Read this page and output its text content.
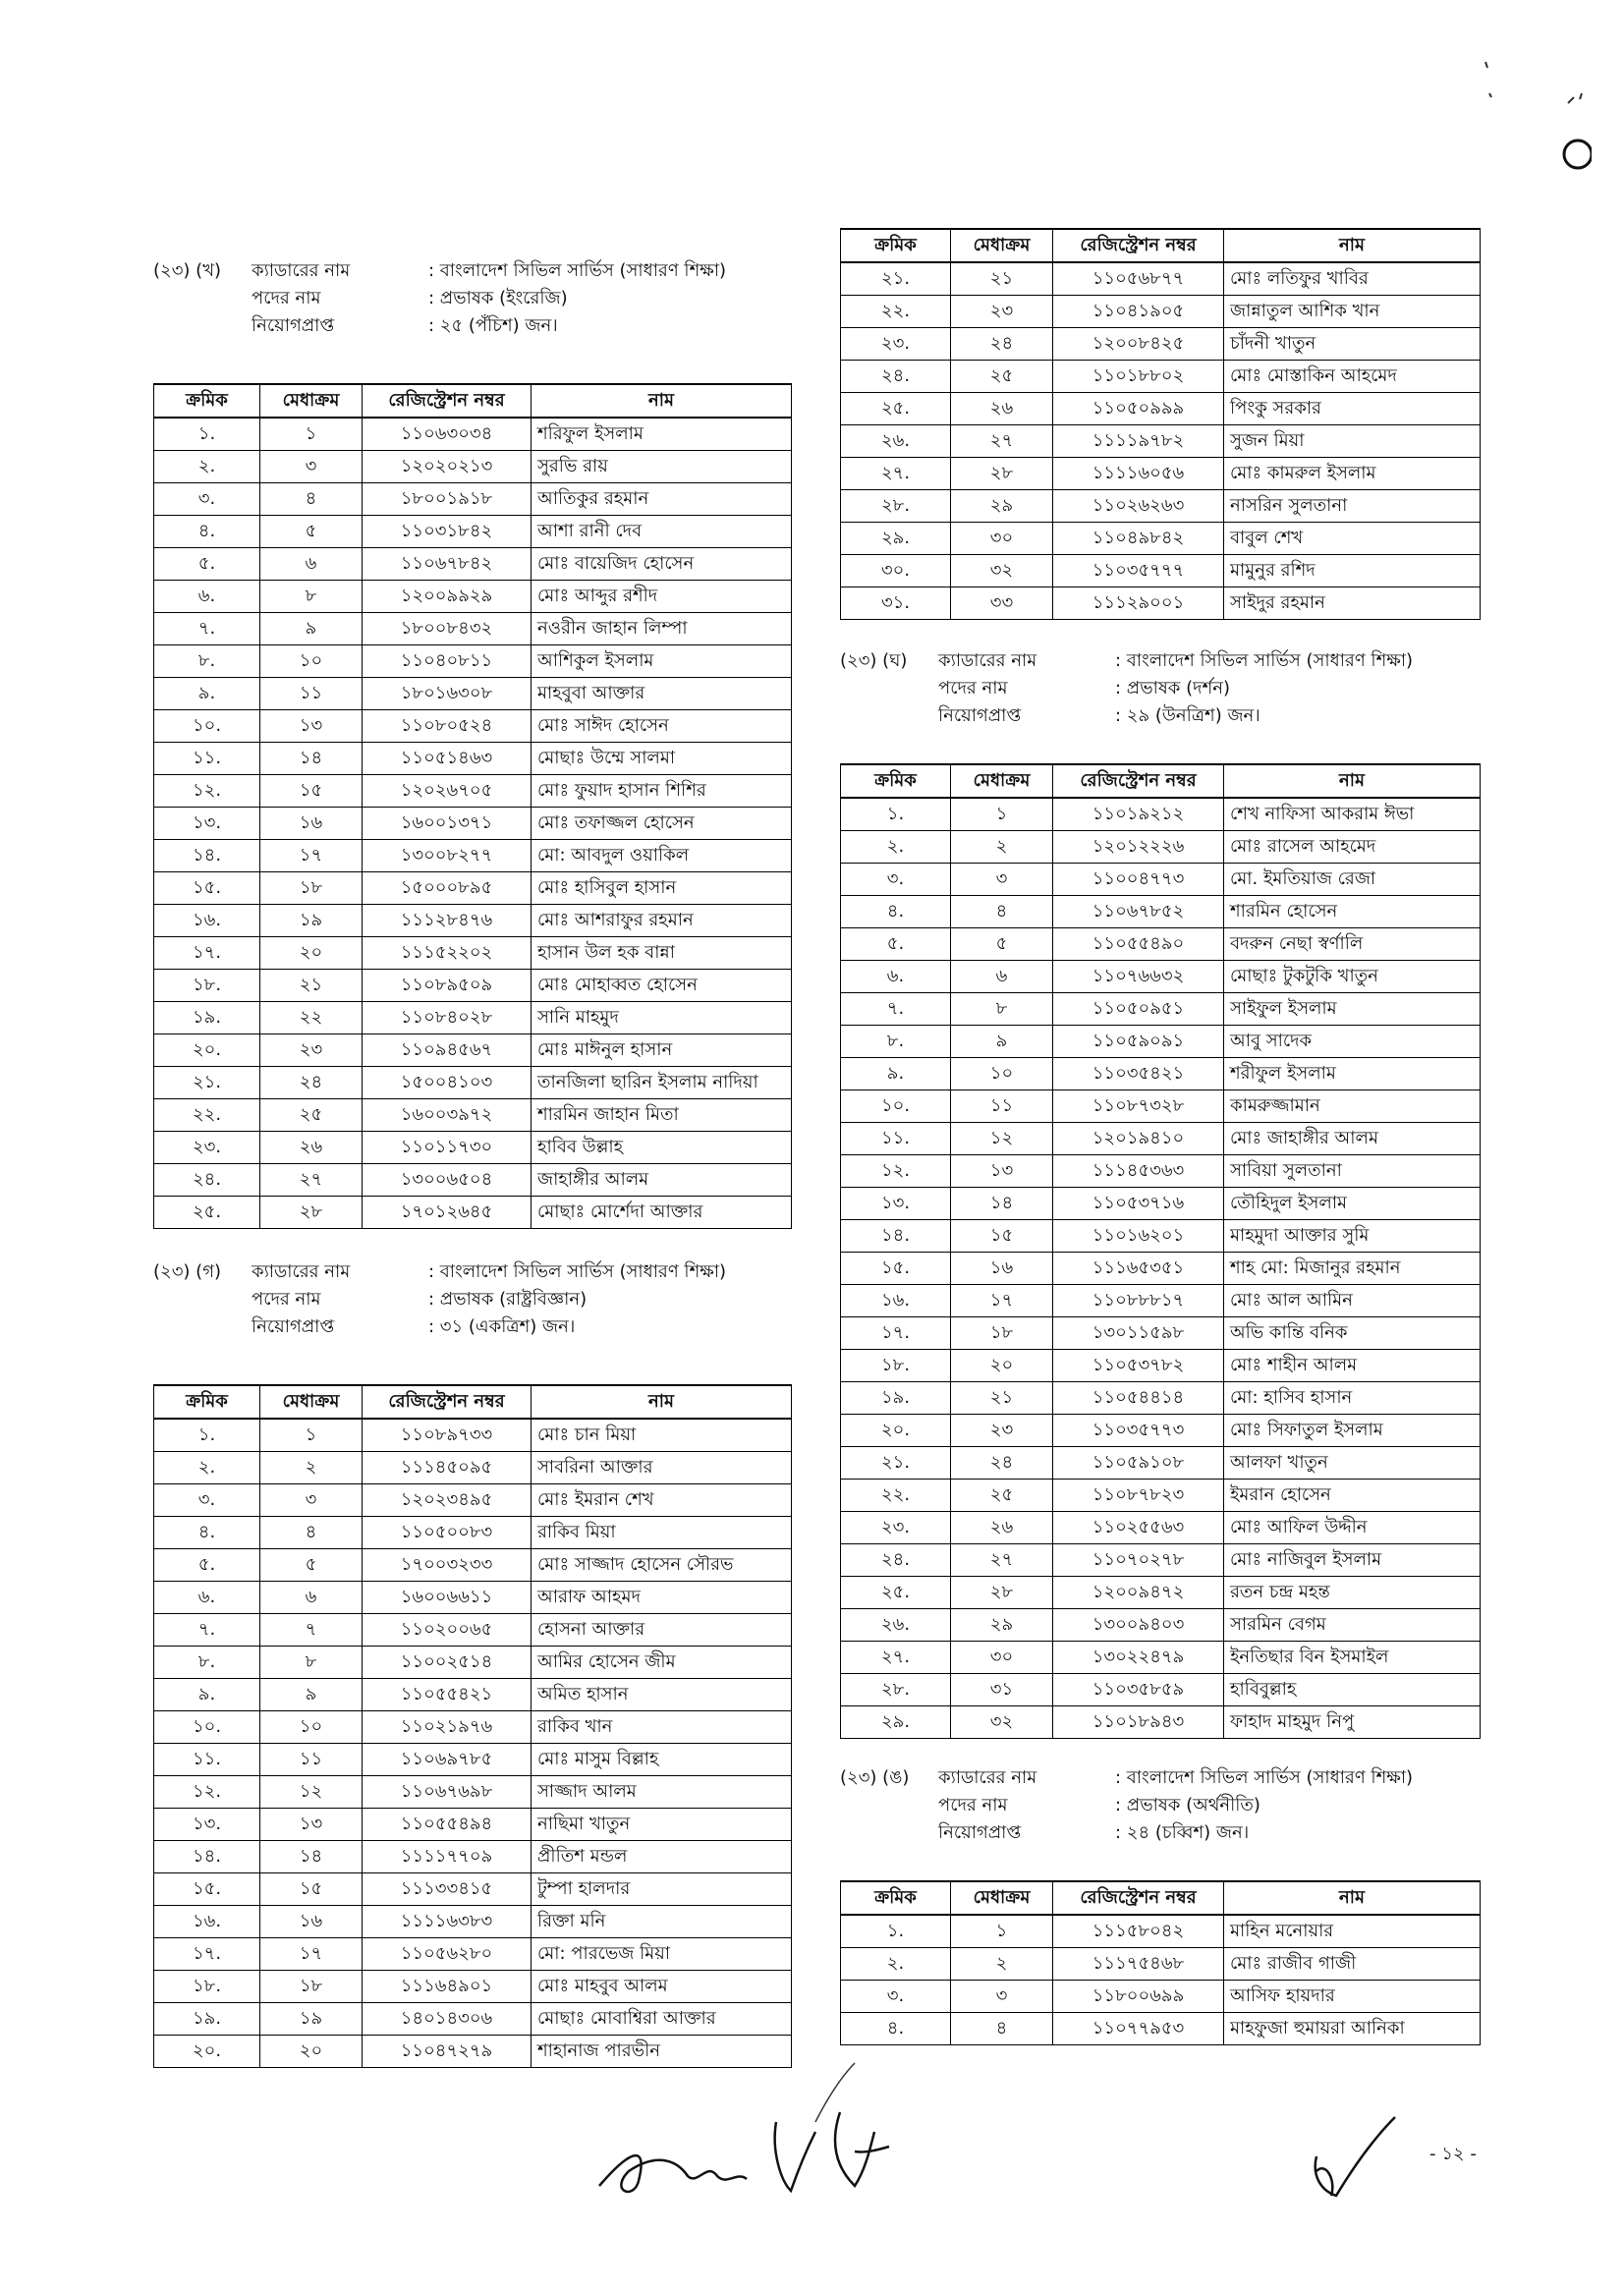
- ১২ -
(২৩) (খ) ক্যাডারের নাম	: বাংলাদেশ সিভিল সার্ভিস (সাধারণ শিক্ষা)
পদের নাম	: প্রভাষক (ইংরেজি)
নিয়োগপ্রাপ্ত	: ২৫ (পঁচিশ) জন।
ক্রমিক	মেধাক্রম	রেজিস্ট্রেশন নম্বর	নাম
১.	১	১১০৬৩০৩৪	শরিফুল ইসলাম
২.	৩	১২০২০২১৩	সুরভি রায়
৩.	৪	১৮০০১৯১৮	আতিকুর রহমান
৪.	৫	১১০৩১৮৪২	আশা রানী দেব
৫.	৬	১১০৬৭৮৪২	মোঃ বায়েজিদ হোসেন
৬.	৮	১২০০৯৯২৯	মোঃ আব্দুর রশীদ
৭.	৯	১৮০০৮৪৩২	নওরীন জাহান লিম্পা
৮.	১০	১১০৪০৮১১	আশিকুল ইসলাম
৯.	১১	১৮০১৬৩০৮	মাহবুবা আক্তার
১০.	১৩	১১০৮০৫২৪	মোঃ সাঈদ হোসেন
১১.	১৪	১১০৫১৪৬৩	মোছাঃ উম্মে সালমা
১২.	১৫	১২০২৬৭০৫	মোঃ ফুয়াদ হাসান শিশির
১৩.	১৬	১৬০০১৩৭১	মোঃ তফাজ্জল হোসেন
১৪.	১৭	১৩০০৮২৭৭	মো: আবদুল ওয়াকিল
১৫.	১৮	১৫০০০৮৯৫	মোঃ হাসিবুল হাসান
১৬.	১৯	১১১২৮৪৭৬	মোঃ আশরাফুর রহমান
১৭.	২০	১১১৫২২০২	হাসান উল হক বান্না
১৮.	২১	১১০৮৯৫০৯	মোঃ মোহাব্বত হোসেন
১৯.	২২	১১০৮৪০২৮	সানি মাহমুদ
২০.	২৩	১১০৯৪৫৬৭	মোঃ মাঈনুল হাসান
২১.	২৪	১৫০০৪১০৩	তানজিলা ছারিন ইসলাম নাদিয়া
২২.	২৫	১৬০০৩৯৭২	শারমিন জাহান মিতা
২৩.	২৬	১১০১১৭৩০	হাবিব উল্লাহ
২৪.	২৭	১৩০০৬৫০৪	জাহাঙ্গীর আলম
২৫.	২৮	১৭০১২৬৪৫	মোছাঃ মোর্শেদা আক্তার
(২৩) (গ) ক্যাডারের নাম	: বাংলাদেশ সিভিল সার্ভিস (সাধারণ শিক্ষা)
পদের নাম	: প্রভাষক (রাষ্ট্রবিজ্ঞান)
নিয়োগপ্রাপ্ত	: ৩১ (একত্রিশ) জন।
ক্রমিক	মেধাক্রম	রেজিস্ট্রেশন নম্বর	নাম
১.	১	১১০৮৯৭৩৩	মোঃ চান মিয়া
২.	২	১১১৪৫০৯৫	সাবরিনা আক্তার
৩.	৩	১২০২৩৪৯৫	মোঃ ইমরান শেখ
৪.	৪	১১০৫০০৮৩	রাকিব মিয়া
৫.	৫	১৭০০৩২৩৩	মোঃ সাজ্জাদ হোসেন সৌরভ
৬.	৬	১৬০০৬৬১১	আরাফ আহমদ
৭.	৭	১১০২০০৬৫	হোসনা আক্তার
৮.	৮	১১০০২৫১৪	আমির হোসেন জীম
৯.	৯	১১০৫৫৪২১	অমিত হাসান
১০.	১০	১১০২১৯৭৬	রাকিব খান
১১.	১১	১১০৬৯৭৮৫	মোঃ মাসুম বিল্লাহ
১২.	১২	১১০৬৭৬৯৮	সাজ্জাদ আলম
১৩.	১৩	১১০৫৫৪৯৪	নাছিমা খাতুন
১৪.	১৪	১১১১৭৭০৯	প্রীতিশ মন্ডল
১৫.	১৫	১১১৩৩৪১৫	টুম্পা হালদার
১৬.	১৬	১১১১৬৩৮৩	রিক্তা মনি
১৭.	১৭	১১০৫৬২৮০	মো: পারভেজ মিয়া
১৮.	১৮	১১১৬৪৯০১	মোঃ মাহবুব আলম
১৯.	১৯	১৪০১৪৩০৬	মোছাঃ মোবাশ্বিরা আক্তার
২০.	২০	১১০৪৭২৭৯	শাহানাজ পারভীন
ক্রমিক	মেধাক্রম	রেজিস্ট্রেশন নম্বর	নাম
২১.	২১	১১০৫৬৮৭৭	মোঃ লতিফুর খাবির
২২.	২৩	১১০৪১৯০৫	জান্নাতুল আশিক খান
২৩.	২৪	১২০০৮৪২৫	চাঁদনী খাতুন
২৪.	২৫	১১০১৮৮০২	মোঃ মোস্তাকিন আহমেদ
২৫.	২৬	১১০৫০৯৯৯	পিংকু সরকার
২৬.	২৭	১১১১৯৭৮২	সুজন মিয়া
২৭.	২৮	১১১১৬০৫৬	মোঃ কামরুল ইসলাম
২৮.	২৯	১১০২৬২৬৩	নাসরিন সুলতানা
২৯.	৩০	১১০৪৯৮৪২	বাবুল শেখ
৩০.	৩২	১১০৩৫৭৭৭	মামুনুর রশিদ
৩১.	৩৩	১১১২৯০০১	সাইদুর রহমান
(২৩) (ঘ) ক্যাডারের নাম	: বাংলাদেশ সিভিল সার্ভিস (সাধারণ শিক্ষা)
পদের নাম	: প্রভাষক (দর্শন)
নিয়োগপ্রাপ্ত	: ২৯ (উনত্রিশ) জন।
ক্রমিক	মেধাক্রম	রেজিস্ট্রেশন নম্বর	নাম
১.	১	১১০১৯২১২	শেখ নাফিসা আকরাম ঈভা
২.	২	১২০১২২২৬	মোঃ রাসেল আহমেদ
৩.	৩	১১০০৪৭৭৩	মো. ইমতিয়াজ রেজা
৪.	৪	১১০৬৭৮৫২	শারমিন হোসেন
৫.	৫	১১০৫৫৪৯০	বদরুন নেছা স্বর্ণালি
৬.	৬	১১০৭৬৬৩২	মোছাঃ টুকটুকি খাতুন
৭.	৮	১১০৫০৯৫১	সাইফুল ইসলাম
৮.	৯	১১০৫৯০৯১	আবু সাদেক
৯.	১০	১১০৩৫৪২১	শরীফুল ইসলাম
১০.	১১	১১০৮৭৩২৮	কামরুজ্জামান
১১.	১২	১২০১৯৪১০	মোঃ জাহাঙ্গীর আলম
১২.	১৩	১১১৪৫৩৬৩	সাবিয়া সুলতানা
১৩.	১৪	১১০৫৩৭১৬	তৌহিদুল ইসলাম
১৪.	১৫	১১০১৬২০১	মাহমুদা আক্তার সুমি
১৫.	১৬	১১১৬৫৩৫১	শাহ মো: মিজানুর রহমান
১৬.	১৭	১১০৮৮৮১৭	মোঃ আল আমিন
১৭.	১৮	১৩০১১৫৯৮	অভি কান্তি বনিক
১৮.	২০	১১০৫৩৭৮২	মোঃ শাহীন আলম
১৯.	২১	১১০৫৪৪১৪	মো: হাসিব হাসান
২০.	২৩	১১০৩৫৭৭৩	মোঃ সিফাতুল ইসলাম
২১.	২৪	১১০৫৯১০৮	আলফা খাতুন
২২.	২৫	১১০৮৭৮২৩	ইমরান হোসেন
২৩.	২৬	১১০২৫৫৬৩	মোঃ আফিল উদ্দীন
২৪.	২৭	১১০৭০২৭৮	মোঃ নাজিবুল ইসলাম
২৫.	২৮	১২০০৯৪৭২	রতন চন্দ্র মহন্ত
২৬.	২৯	১৩০০৯৪০৩	সারমিন বেগম
২৭.	৩০	১৩০২২৪৭৯	ইনতিছার বিন ইসমাইল
২৮.	৩১	১১০৩৫৮৫৯	হাবিবুল্লাহ
২৯.	৩২	১১০১৮৯৪৩	ফাহাদ মাহমুদ নিপু
(২৩) (ঙ) ক্যাডারের নাম	: বাংলাদেশ সিভিল সার্ভিস (সাধারণ শিক্ষা)
পদের নাম	: প্রভাষক (অর্থনীতি)
নিয়োগপ্রাপ্ত	: ২৪ (চব্বিশ) জন।
ক্রমিক	মেধাক্রম	রেজিস্ট্রেশন নম্বর	নাম
১.	১	১১১৫৮০৪২	মাহিন মনোয়ার
২.	২	১১১৭৫৪৬৮	মোঃ রাজীব গাজী
৩.	৩	১১৮০০৬৯৯	আসিফ হায়দার
৪.	৪	১১০৭৭৯৫৩	মাহফুজা হুমায়রা আনিকা
